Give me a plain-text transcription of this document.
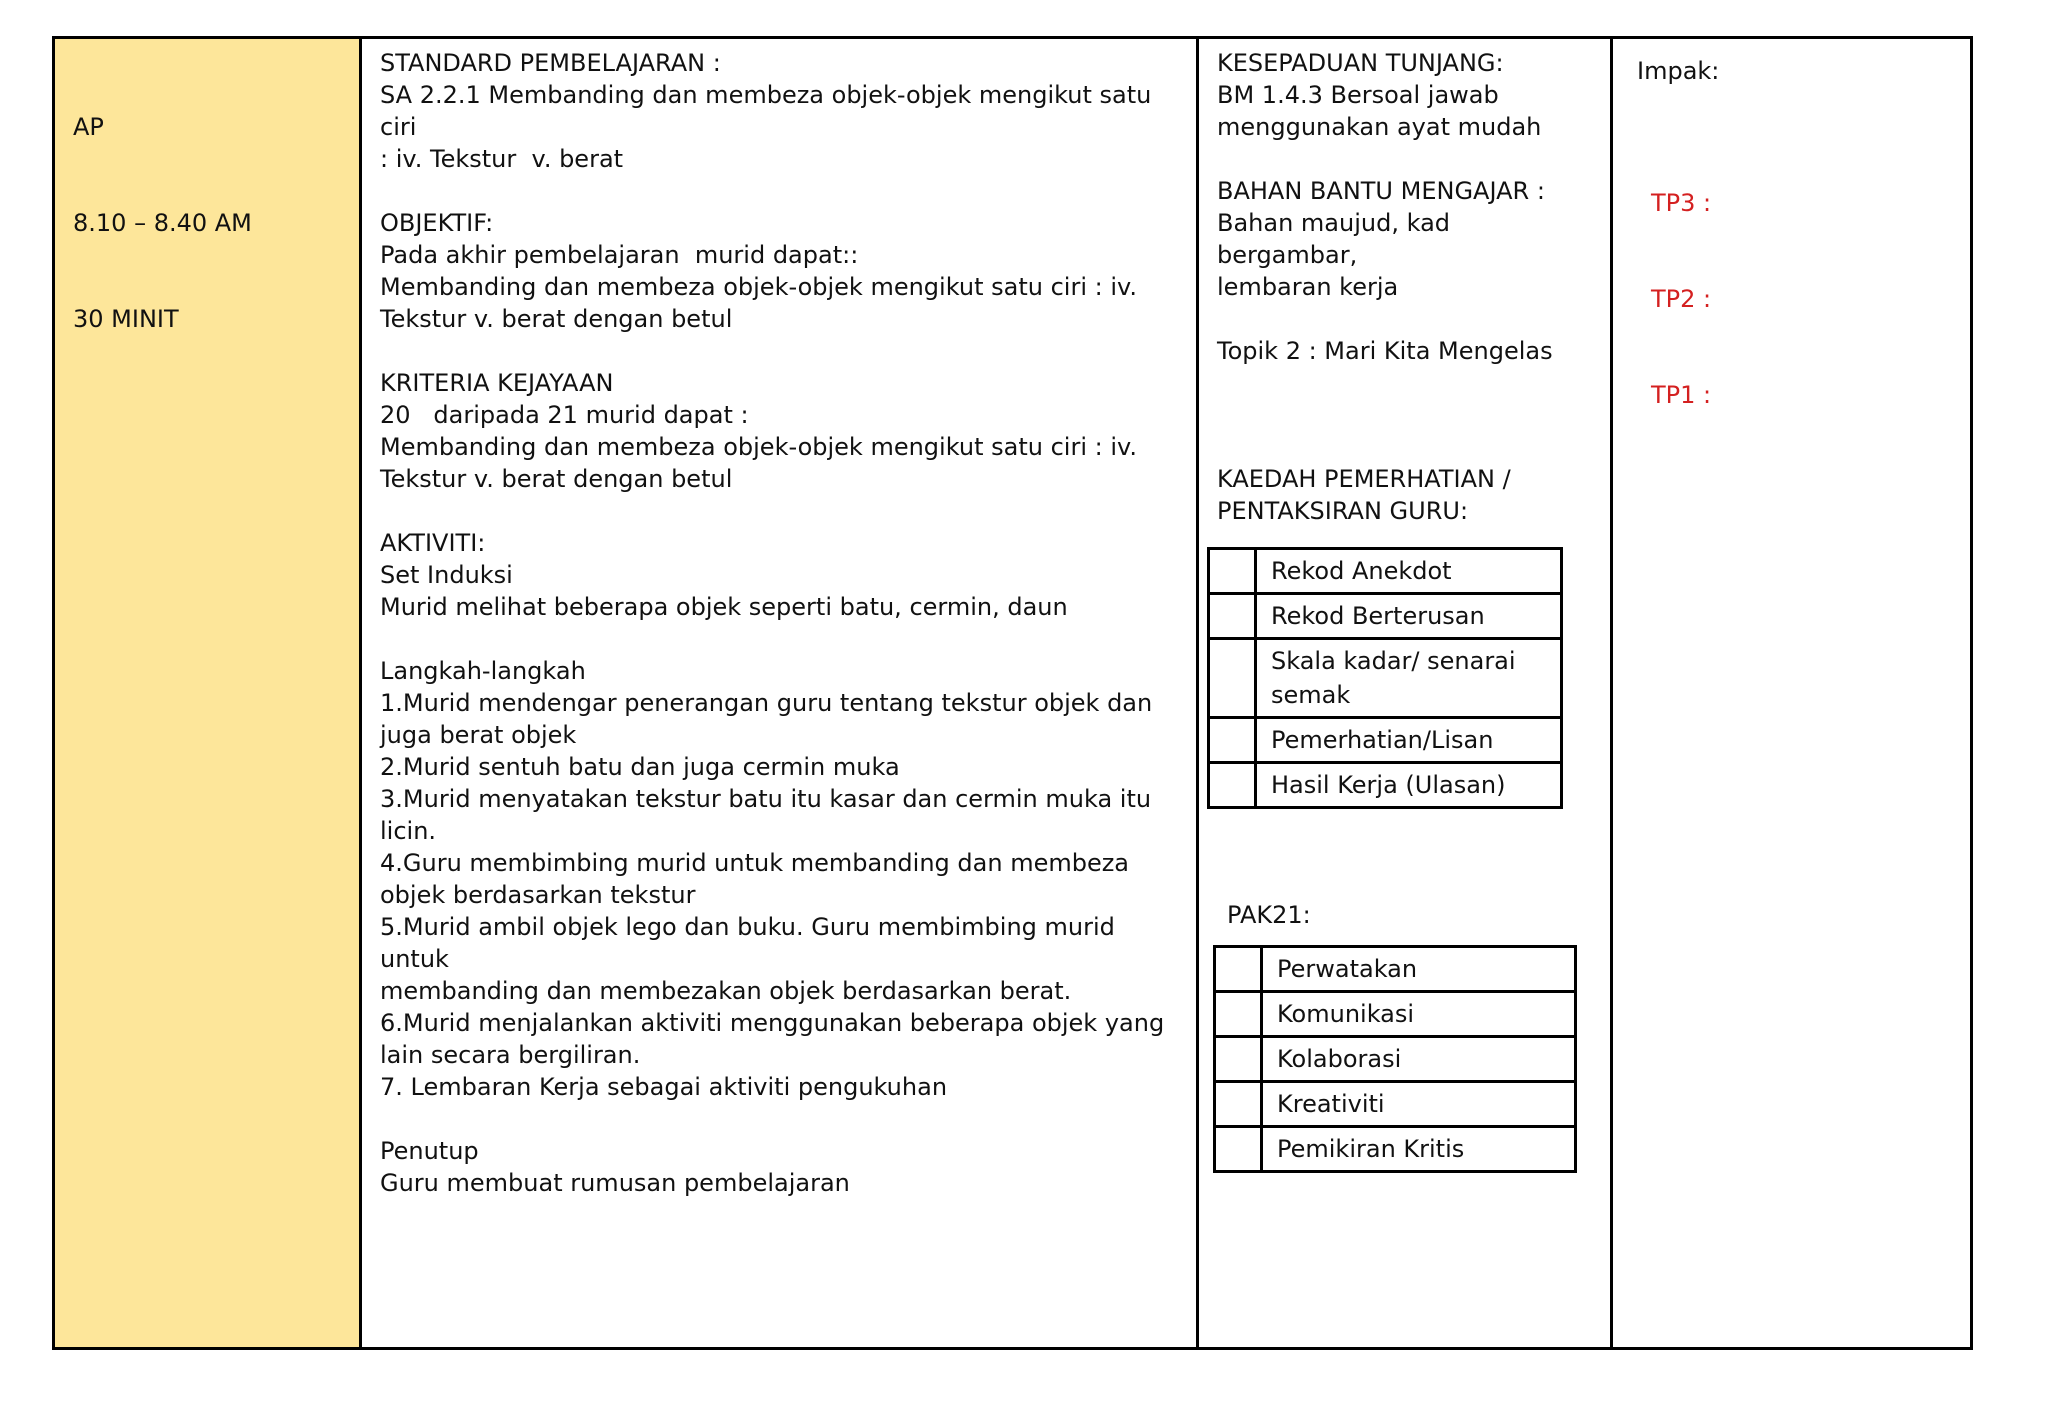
AP

8.10 – 8.40 AM

30 MINIT

STANDARD PEMBELAJARAN :
SA 2.2.1 Membanding dan membeza objek-objek mengikut satu ciri
: iv. Tekstur  v. berat

OBJEKTIF:
Pada akhir pembelajaran  murid dapat::
Membanding dan membeza objek-objek mengikut satu ciri : iv.
Tekstur v. berat dengan betul

KRITERIA KEJAYAAN
20   daripada 21 murid dapat :
Membanding dan membeza objek-objek mengikut satu ciri : iv.
Tekstur v. berat dengan betul

AKTIVITI:
Set Induksi
Murid melihat beberapa objek seperti batu, cermin, daun

Langkah-langkah
1.Murid mendengar penerangan guru tentang tekstur objek dan
juga berat objek
2.Murid sentuh batu dan juga cermin muka
3.Murid menyatakan tekstur batu itu kasar dan cermin muka itu
licin.
4.Guru membimbing murid untuk membanding dan membeza
objek berdasarkan tekstur
5.Murid ambil objek lego dan buku. Guru membimbing murid untuk
membanding dan membezakan objek berdasarkan berat.
6.Murid menjalankan aktiviti menggunakan beberapa objek yang
lain secara bergiliran.
7. Lembaran Kerja sebagai aktiviti pengukuhan

Penutup
Guru membuat rumusan pembelajaran
KESEPADUAN TUNJANG:
BM 1.4.3 Bersoal jawab
menggunakan ayat mudah

BAHAN BANTU MENGAJAR :
Bahan maujud, kad bergambar,
lembaran kerja

Topik 2 : Mari Kita Mengelas
KAEDAH PEMERHATIAN /
PENTAKSIRAN GURU:
	Rekod Anekdot
	Rekod Berterusan
	Skala kadar/ senarai semak
	Pemerhatian/Lisan
	Hasil Kerja (Ulasan)
PAK21:
	Perwatakan
	Komunikasi
	Kolaborasi
	Kreativiti
	Pemikiran Kritis
Impak:

TP3 :

TP2 :

TP1 :
